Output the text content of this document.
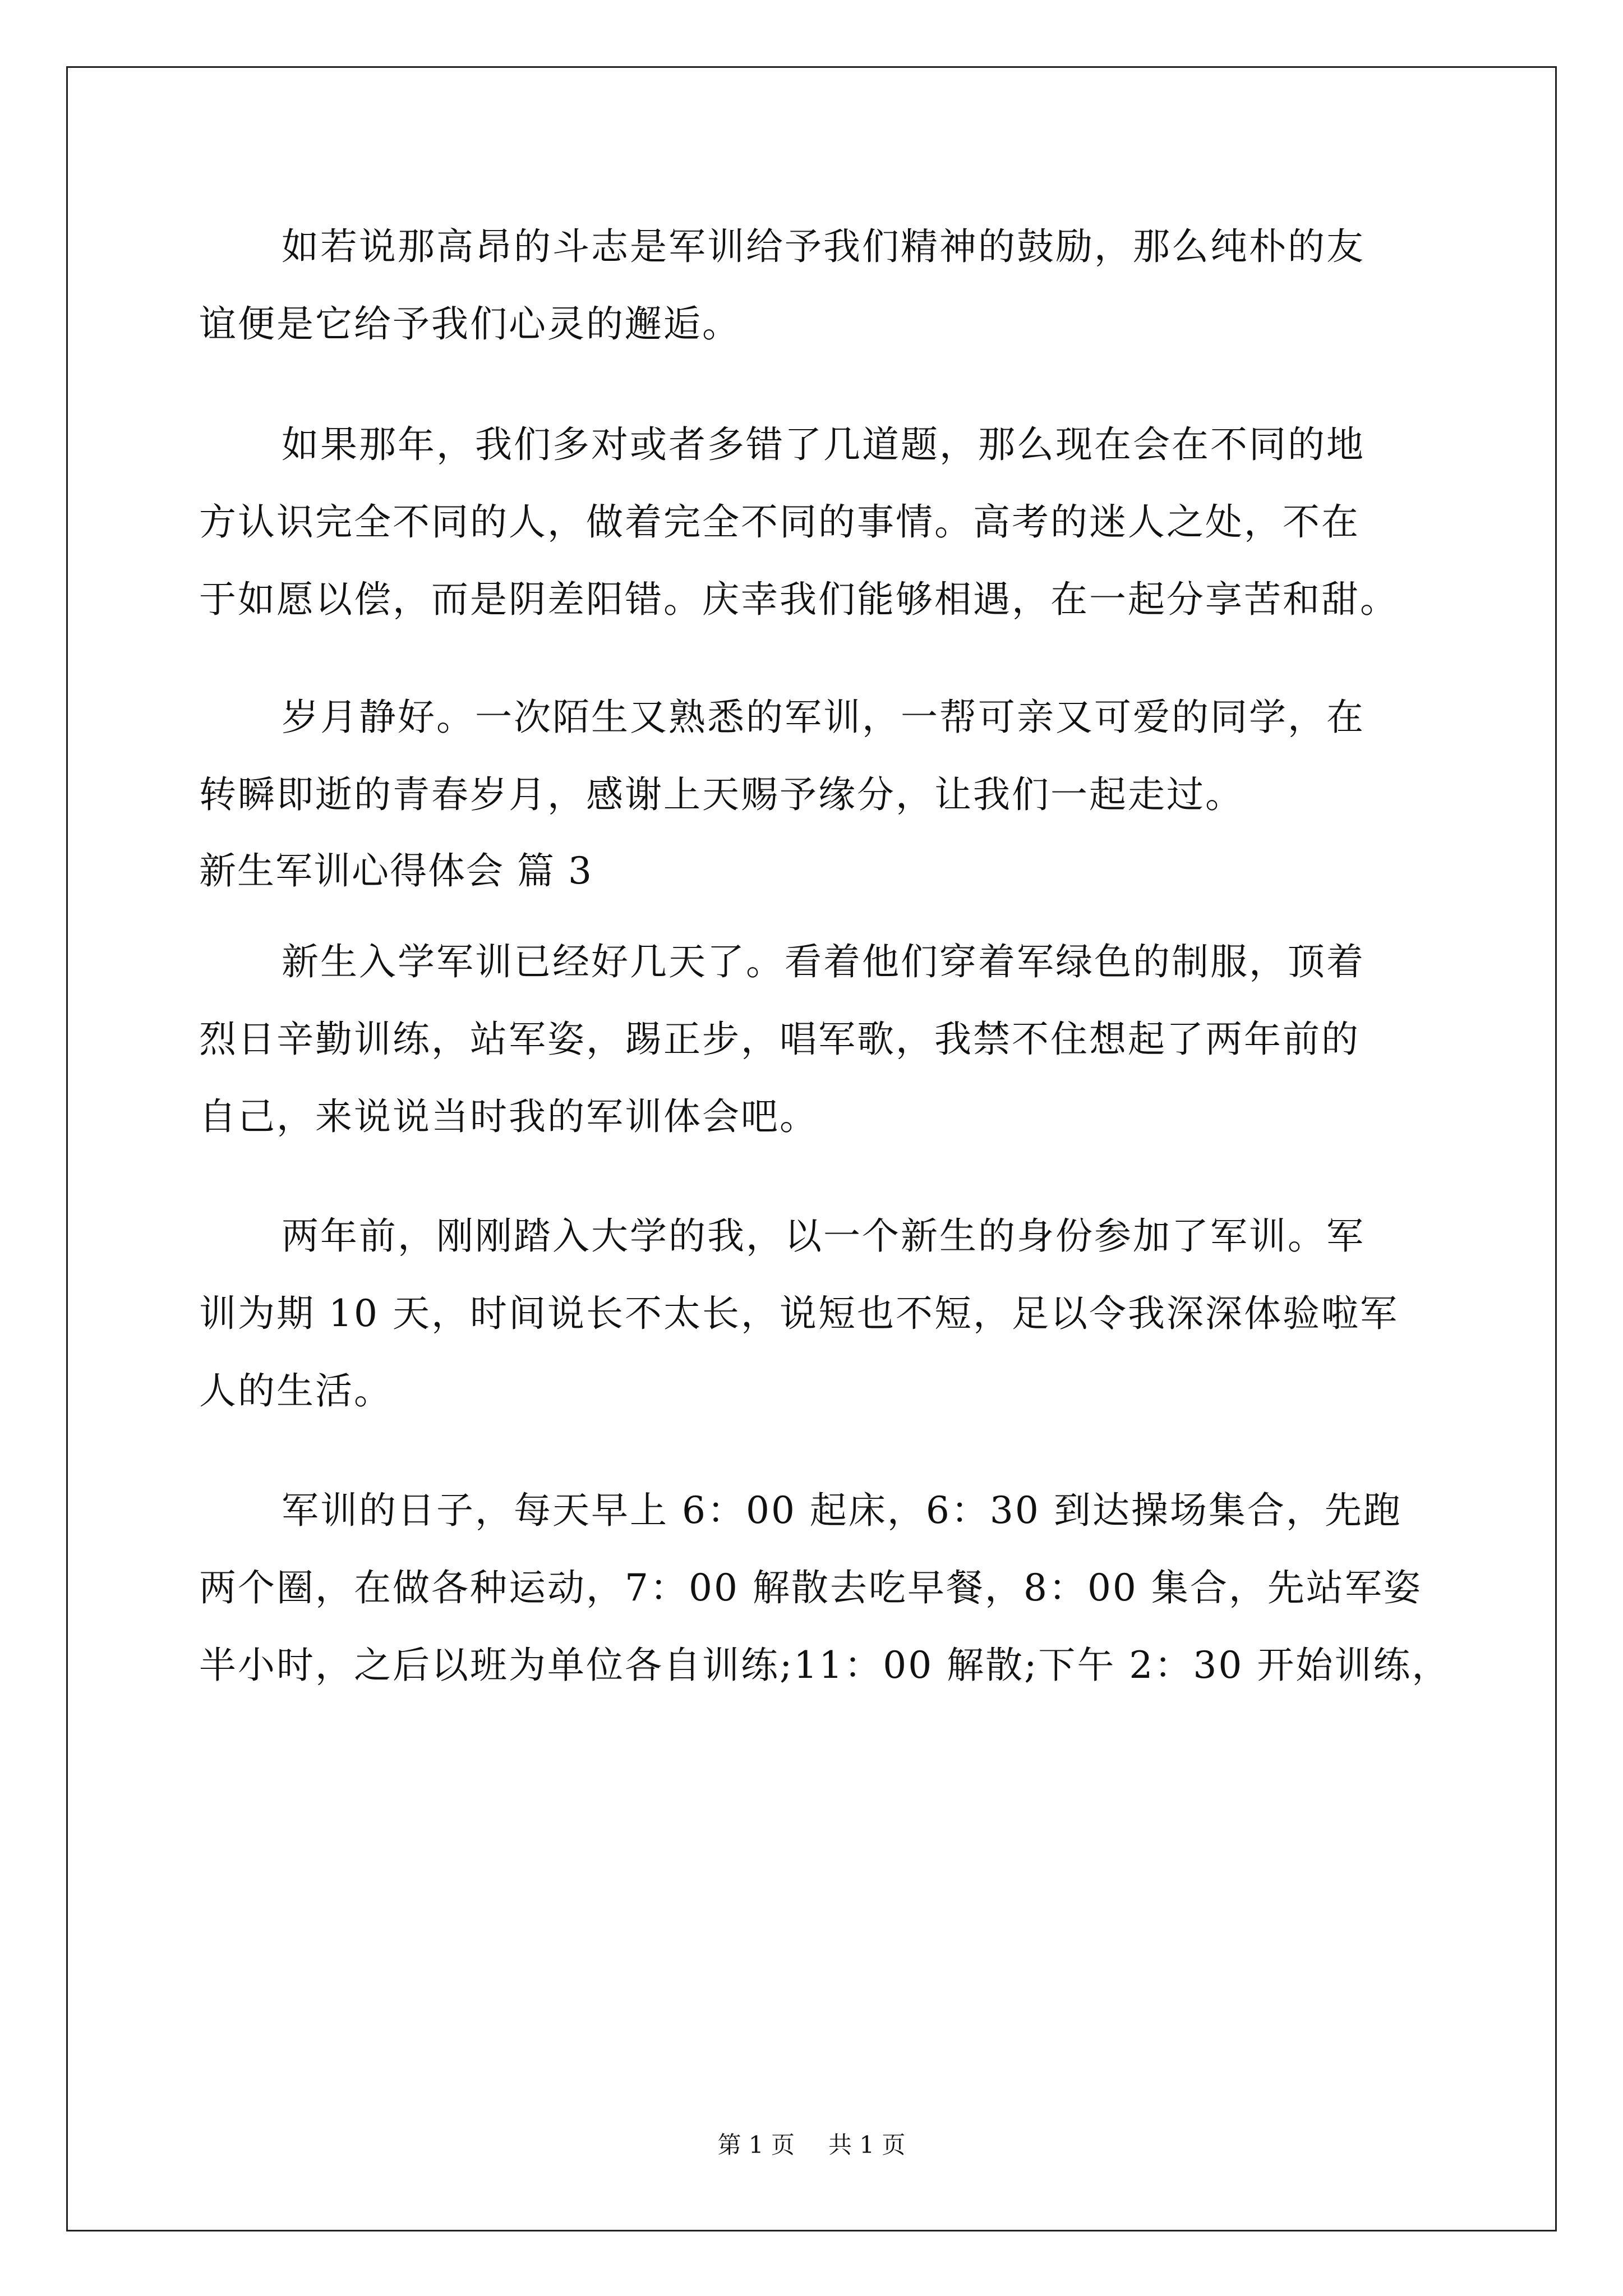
如若说那高昂的斗志是军训给予我们精神的鼓励，那么纯朴的友
谊便是它给予我们心灵的邂逅。
如果那年，我们多对或者多错了几道题，那么现在会在不同的地
方认识完全不同的人，做着完全不同的事情。高考的迷人之处，不在
于如愿以偿，而是阴差阳错。庆幸我们能够相遇，在一起分享苦和甜。
岁月静好。一次陌生又熟悉的军训，一帮可亲又可爱的同学，在
转瞬即逝的青春岁月，感谢上天赐予缘分，让我们一起走过。
新生军训心得体会 篇 3
新生入学军训已经好几天了。看着他们穿着军绿色的制服，顶着
烈日辛勤训练，站军姿，踢正步，唱军歌，我禁不住想起了两年前的
自己，来说说当时我的军训体会吧。
两年前，刚刚踏入大学的我，以一个新生的身份参加了军训。军
训为期 10 天，时间说长不太长，说短也不短，足以令我深深体验啦军
人的生活。
军训的日子，每天早上 6：00 起床，6：30 到达操场集合，先跑
两个圈，在做各种运动，7：00 解散去吃早餐，8：00 集合，先站军姿
半小时，之后以班为单位各自训练;11：00 解散;下午 2：30 开始训练，
第 1 页 共 1 页
